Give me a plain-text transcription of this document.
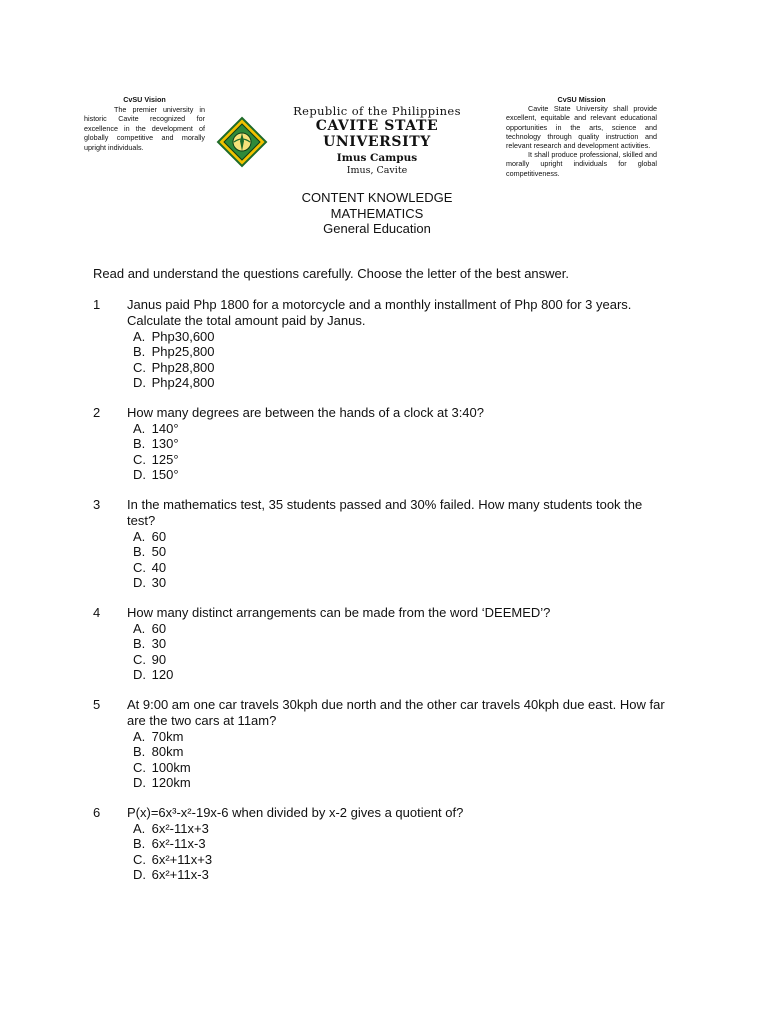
CvSU Vision
The premier university in historic Cavite recognized for excellence in the development of globally competitive and morally upright individuals.
Republic of the Philippines
CAVITE STATE UNIVERSITY
Imus Campus
Imus, Cavite
CvSU Mission
Cavite State University shall provide excellent, equitable and relevant educational opportunities in the arts, science and technology through quality instruction and relevant research and development activities.
It shall produce professional, skilled and morally upright individuals for global competitiveness.
CONTENT KNOWLEDGE
MATHEMATICS
General Education
Read and understand the questions carefully. Choose the letter of the best answer.
1 Janus paid Php 1800 for a motorcycle and a monthly installment of Php 800 for 3 years. Calculate the total amount paid by Janus.
A. Php30,600
B. Php25,800
C. Php28,800
D. Php24,800
2 How many degrees are between the hands of a clock at 3:40?
A. 140°
B. 130°
C. 125°
D. 150°
3 In the mathematics test, 35 students passed and 30% failed. How many students took the test?
A. 60
B. 50
C. 40
D. 30
4 How many distinct arrangements can be made from the word ‘DEEMED’?
A. 60
B. 30
C. 90
D. 120
5 At 9:00 am one car travels 30kph due north and the other car travels 40kph due east. How far are the two cars at 11am?
A. 70km
B. 80km
C. 100km
D. 120km
6 P(x)=6x³-x²-19x-6 when divided by x-2 gives a quotient of?
A. 6x²-11x+3
B. 6x²-11x-3
C. 6x²+11x+3
D. 6x²+11x-3
